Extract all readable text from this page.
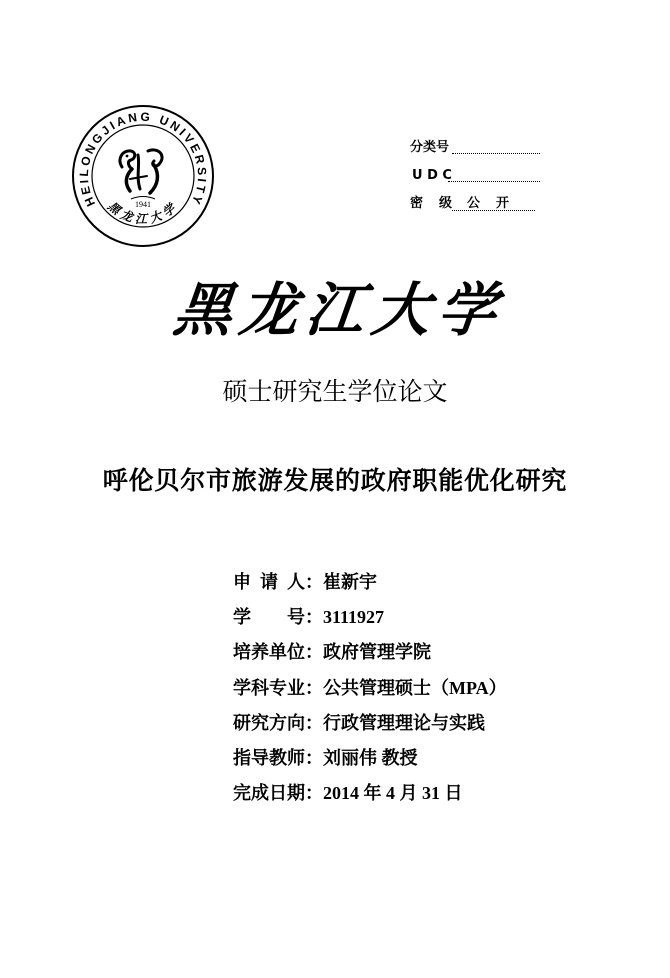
HEILONGJIANG UNIVERSITY
1941
黑龙江大学
分类号
U D C
密 级 公 开
黑龙江大学
硕士研究生学位论文
呼伦贝尔市旅游发展的政府职能优化研究
申 请 人：崔新宇
学 号：3111927
培养单位：政府管理学院
学科专业：公共管理硕士（MPA）
研究方向：行政管理理论与实践
指导教师：刘丽伟 教授
完成日期：2014 年 4 月 31 日
